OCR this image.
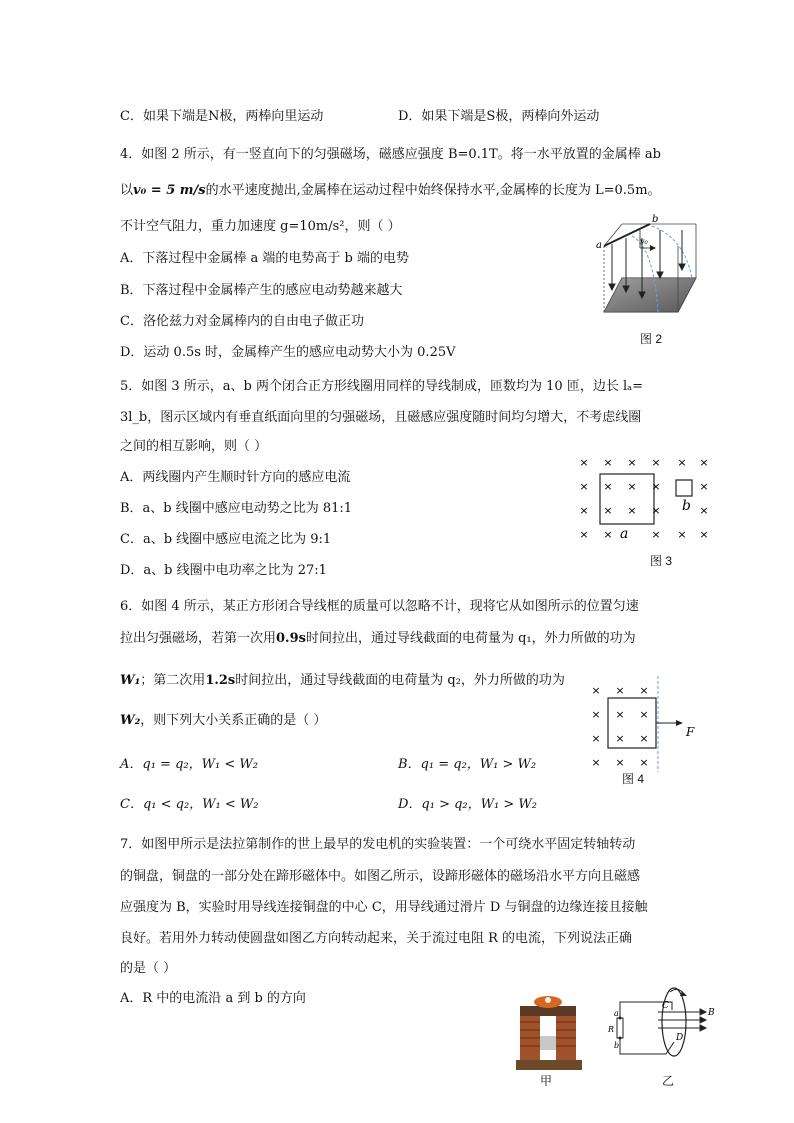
C．如果下端是N极，两棒向里运动	D．如果下端是S极，两棒向外运动
4．如图 2 所示，有一竖直向下的匀强磁场，磁感应强度 B=0.1T。将一水平放置的金属棒 ab
以v₀ = 5 m/s的水平速度抛出,金属棒在运动过程中始终保持水平,金属棒的长度为 L=0.5m。
不计空气阻力，重力加速度 g=10m/s²，则（ ）
A．下落过程中金属棒 a 端的电势高于 b 端的电势
B．下落过程中金属棒产生的感应电动势越来越大
C．洛伦兹力对金属棒内的自由电子做正功
D．运动 0.5s 时，金属棒产生的感应电动势大小为 0.25V
a
b
v₀
图 2
5．如图 3 所示，a、b 两个闭合正方形线圈用同样的导线制成，匝数均为 10 匝，边长 lₐ=
3l_b，图示区域内有垂直纸面向里的匀强磁场，且磁感应强度随时间均匀增大，不考虑线圈
之间的相互影响，则（ ）
A．两线圈内产生顺时针方向的感应电流
B．a、b 线圈中感应电动势之比为 81:1
C．a、b 线圈中感应电流之比为 9:1
D．a、b 线圈中电功率之比为 27:1
a
b
× × × × × ×
× × × ×	×
× × × ×	×
× ×	× × ×
图 3
6．如图 4 所示，某正方形闭合导线框的质量可以忽略不计，现将它从如图所示的位置匀速
拉出匀强磁场，若第一次用0.9s时间拉出，通过导线截面的电荷量为 q₁，外力所做的功为
W₁；第二次用1.2s时间拉出，通过导线截面的电荷量为 q₂，外力所做的功为
W₂，则下列大小关系正确的是（ ）
A．q₁ = q₂，W₁ < W₂	B．q₁ = q₂，W₁ > W₂
C．q₁ < q₂，W₁ < W₂	D．q₁ > q₂，W₁ > W₂
F
× × ×
× × ×
× × ×
× × ×
图 4
7．如图甲所示是法拉第制作的世上最早的发电机的实验装置：一个可绕水平固定转轴转动
的铜盘，铜盘的一部分处在蹄形磁体中。如图乙所示，设蹄形磁体的磁场沿水平方向且磁感
应强度为 B，实验时用导线连接铜盘的中心 C，用导线通过滑片 D 与铜盘的边缘连接且接触
良好。若用外力转动使圆盘如图乙方向转动起来，关于流过电阻 R 的电流，下列说法正确
的是（ ）
A．R 中的电流沿 a 到 b 的方向
甲
C
D
B
a
R
b
乙
